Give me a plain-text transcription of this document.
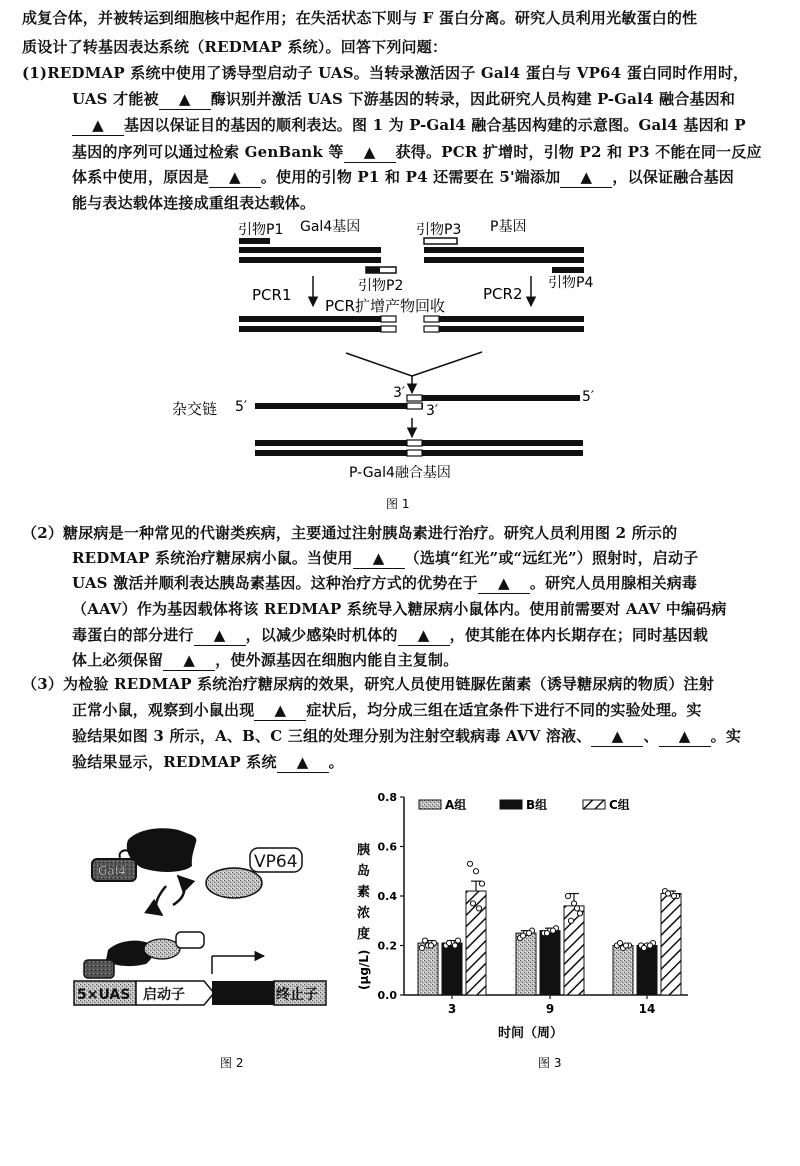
成复合体，并被转运到细胞核中起作用；在失活状态下则与 F 蛋白分离。研究人员利用光敏蛋白的性
质设计了转基因表达系统（REDMAP 系统）。回答下列问题：
(1)REDMAP 系统中使用了诱导型启动子 UAS。当转录激活因子 Gal4 蛋白与 VP64 蛋白同时作用时，
UAS 才能被 ▲ 酶识别并激活 UAS 下游基因的转录，因此研究人员构建 P-Gal4 融合基因和
▲ 基因以保证目的基因的顺利表达。图 1 为 P-Gal4 融合基因构建的示意图。Gal4 基因和 P
基因的序列可以通过检索 GenBank 等 ▲ 获得。PCR 扩增时，引物 P2 和 P3 不能在同一反应
体系中使用，原因是 ▲ 。使用的引物 P1 和 P4 还需要在 5'端添加 ▲ ，以保证融合基因
能与表达载体连接成重组表达载体。
（2）糖尿病是一种常见的代谢类疾病，主要通过注射胰岛素进行治疗。研究人员利用图 2 所示的
REDMAP 系统治疗糖尿病小鼠。当使用 ▲ （选填“红光”或“远红光”）照射时，启动子
UAS 激活并顺利表达胰岛素基因。这种治疗方式的优势在于 ▲ 。研究人员用腺相关病毒
（AAV）作为基因载体将该 REDMAP 系统导入糖尿病小鼠体内。使用前需要对 AAV 中编码病
毒蛋白的部分进行 ▲ ，以减少感染时机体的 ▲ ，使其能在体内长期存在；同时基因载
体上必须保留 ▲ ，使外源基因在细胞内能自主复制。
（3）为检验 REDMAP 系统治疗糖尿病的效果，研究人员使用链脲佐菌素（诱导糖尿病的物质）注射
正常小鼠，观察到小鼠出现 ▲ 症状后，均分成三组在适宜条件下进行不同的实验处理。实
验结果如图 3 所示，A、B、C 三组的处理分别为注射空载病毒 AVV 溶液、 ▲ 、 ▲ 。实
验结果显示，REDMAP 系统 ▲ 。
引物P1 Gal4基因	引物P3 P基因
引物P2	引物P4
PCR1	PCR2
PCR扩增产物回收
3′	5′
杂交链 5′	3′
P-Gal4融合基因
图 1
Gal4	VP64
5×UAS 启动子	终止子
图 2
胰
岛
素
浓
度
(μg/L)
0.0
0.2
0.4
0.6
0.8
3	9	14
A组	B组	C组
时间（周）
图 3
